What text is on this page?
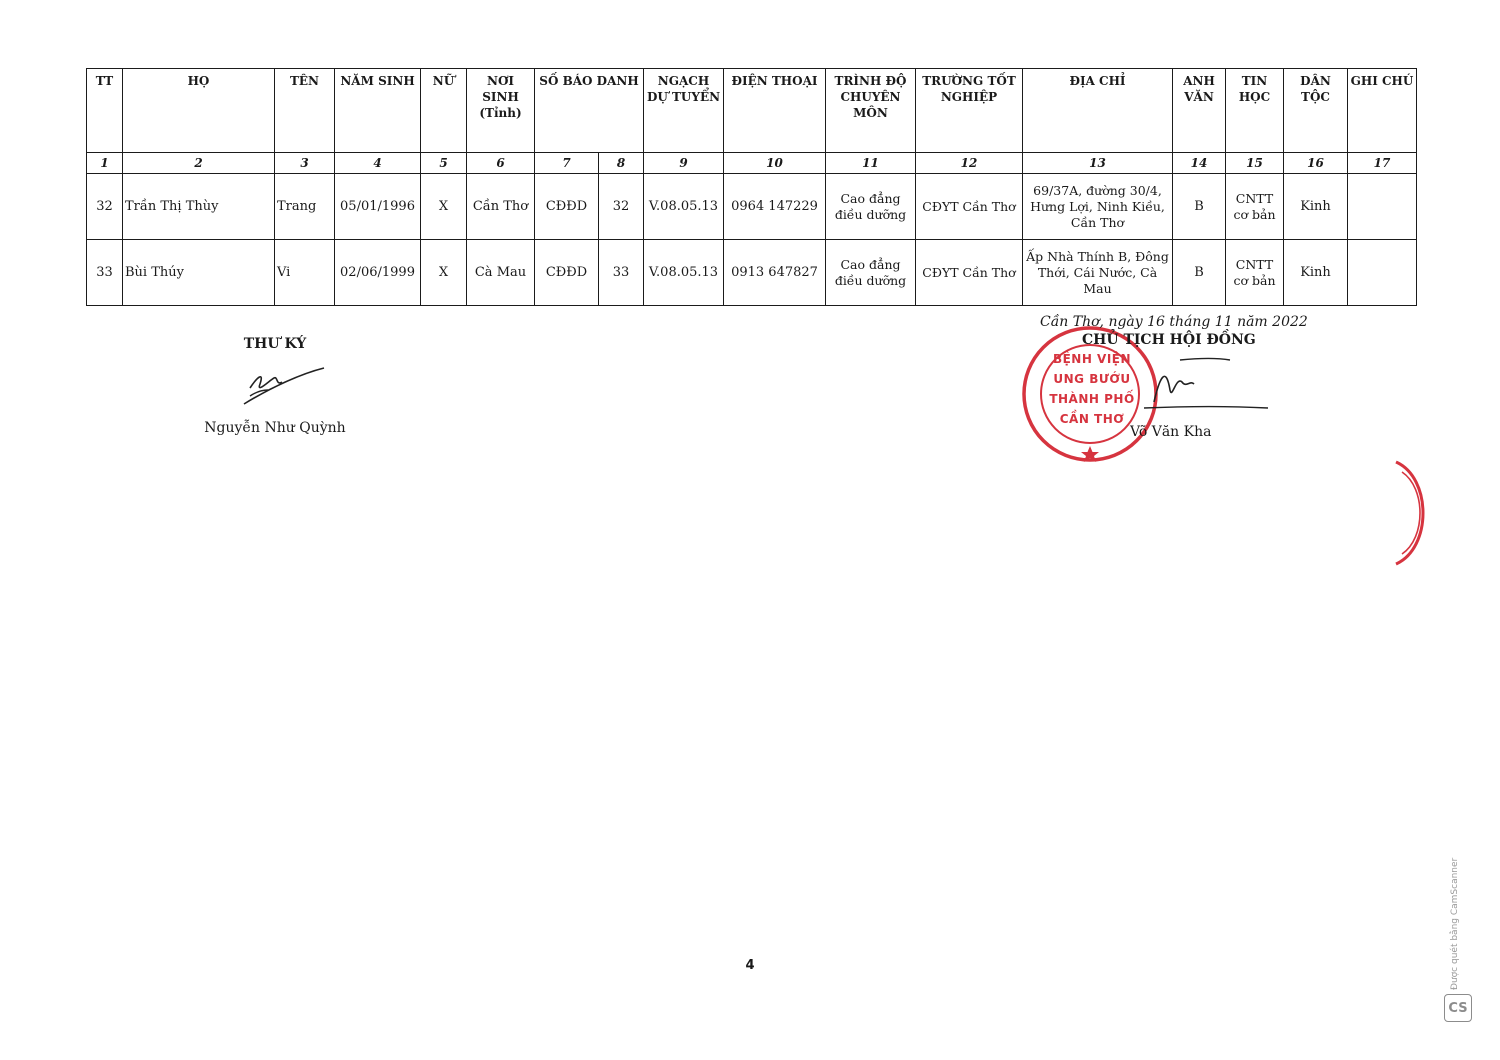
TT	HỌ	TÊN	NĂM SINH	NỮ	NƠI SINH (Tỉnh)	SỐ BÁO DANH		NGẠCH DỰ TUYỂN	ĐIỆN THOẠI	TRÌNH ĐỘ CHUYÊN MÔN	TRƯỜNG TỐT NGHIỆP	ĐỊA CHỈ	ANH VĂN	TIN HỌC	DÂN TỘC	GHI CHÚ
1	2	3	4	5	6	7	8	9	10	11	12	13	14	15	16	17
32	Trần Thị Thùy	Trang	05/01/1996	X	Cần Thơ	CĐĐD	32	V.08.05.13	0964 147229	Cao đẳng điều dưỡng	CĐYT Cần Thơ	69/37A, đường 30/4, Hưng Lợi, Ninh Kiều, Cần Thơ	B	CNTT cơ bản	Kinh	
33	Bùi Thúy	Vi	02/06/1999	X	Cà Mau	CĐĐD	33	V.08.05.13	0913 647827	Cao đẳng điều dưỡng	CĐYT Cần Thơ	Ấp Nhà Thính B, Đông Thới, Cái Nước, Cà Mau	B	CNTT cơ bản	Kinh	
THƯ KÝ
Nguyễn Như Quỳnh
BỆNH VIỆN
UNG BƯỚU
THÀNH PHỐ
CẦN THƠ
Cần Thơ, ngày 16 tháng 11 năm 2022
CHỦ TỊCH HỘI ĐỒNG
Võ Văn Kha
4	Được quét bằng CamScanner
CS
